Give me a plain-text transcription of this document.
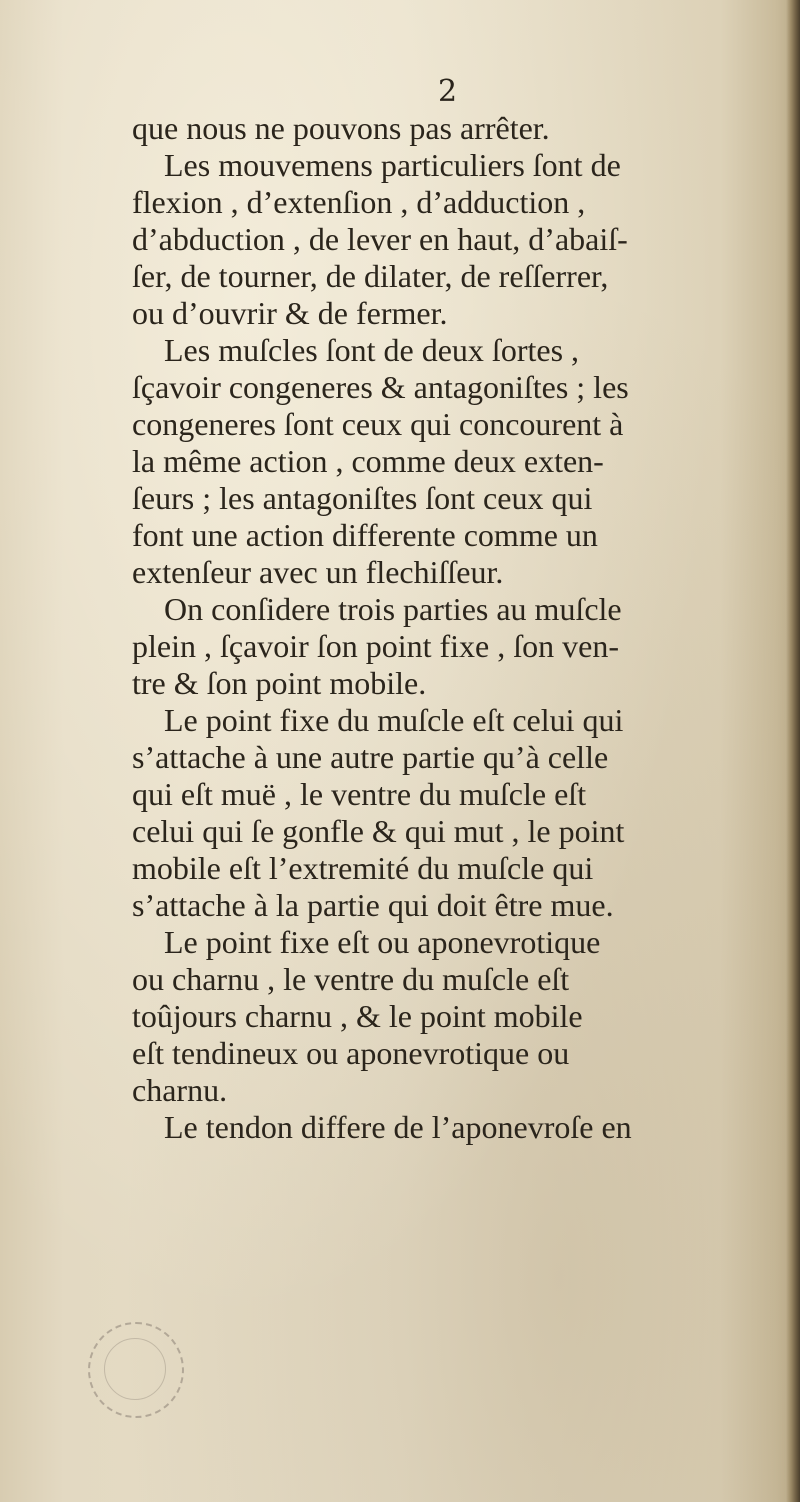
2
que nous ne pouvons pas arrêter.
Les mouvemens particuliers ſont de
flexion , d’extenſion , d’adduction ,
d’abduction , de lever en haut, d’abaiſ-
ſer, de tourner, de dilater, de reſſerrer,
ou d’ouvrir & de fermer.
Les muſcles ſont de deux ſortes ,
ſçavoir congeneres & antagoniſtes ; les
congeneres ſont ceux qui concourent à
la même action , comme deux exten-
ſeurs ; les antagoniſtes ſont ceux qui
font une action differente comme un
extenſeur avec un flechiſſeur.
On conſidere trois parties au muſcle
plein , ſçavoir ſon point fixe , ſon ven-
tre & ſon point mobile.
Le point fixe du muſcle eſt celui qui
s’attache à une autre partie qu’à celle
qui eſt muë , le ventre du muſcle eſt
celui qui ſe gonfle & qui mut , le point
mobile eſt l’extremité du muſcle qui
s’attache à la partie qui doit être mue.
Le point fixe eſt ou aponevrotique
ou charnu , le ventre du muſcle eſt
toûjours charnu , & le point mobile
eſt tendineux ou aponevrotique ou
charnu.
Le tendon differe de l’aponevroſe en
